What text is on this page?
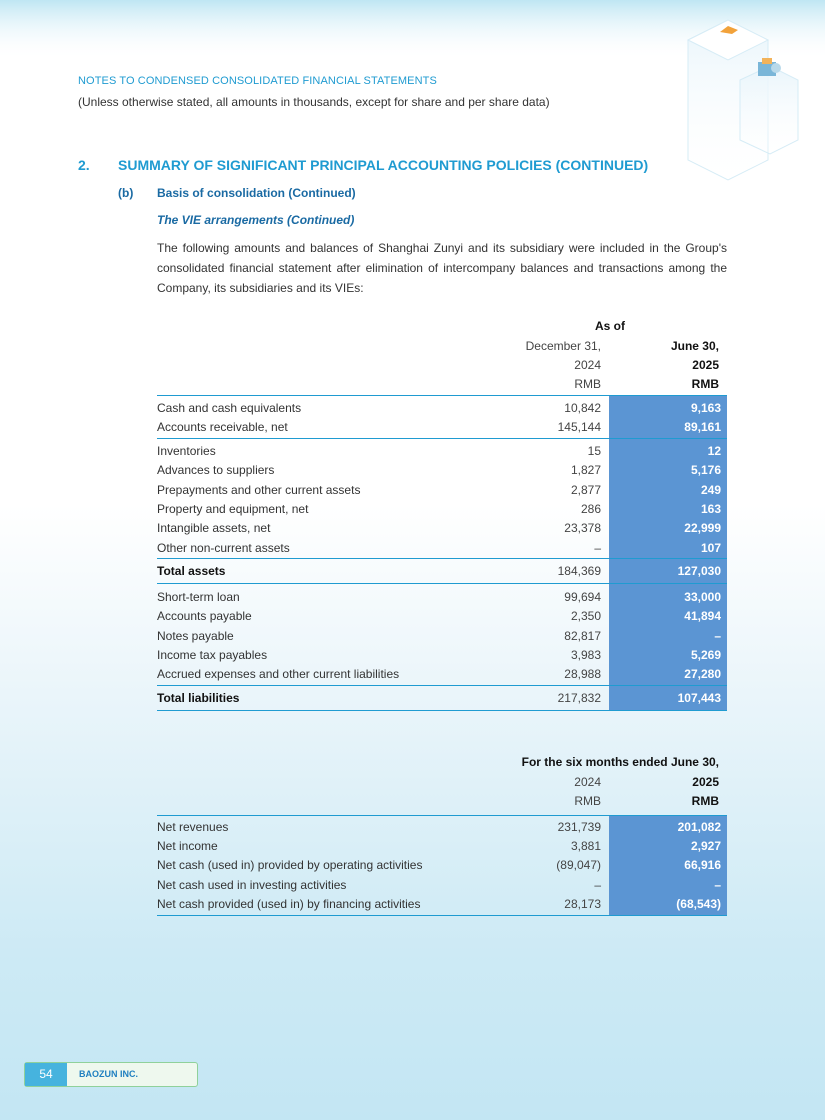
NOTES TO CONDENSED CONSOLIDATED FINANCIAL STATEMENTS
(Unless otherwise stated, all amounts in thousands, except for share and per share data)
2. SUMMARY OF SIGNIFICANT PRINCIPAL ACCOUNTING POLICIES (CONTINUED)
(b) Basis of consolidation (Continued)
The VIE arrangements (Continued)
The following amounts and balances of Shanghai Zunyi and its subsidiary were included in the Group's consolidated financial statement after elimination of intercompany balances and transactions among the Company, its subsidiaries and its VIEs:
As of
December 31,
2024
RMB
June 30,
2025
RMB
Cash and cash equivalents	10,842	9,163
Accounts receivable, net	145,144	89,161
Inventories	15	12
Advances to suppliers	1,827	5,176
Prepayments and other current assets	2,877	249
Property and equipment, net	286	163
Intangible assets, net	23,378	22,999
Other non-current assets	–	107
Total assets	184,369	127,030
Short-term loan	99,694	33,000
Accounts payable	2,350	41,894
Notes payable	82,817	–
Income tax payables	3,983	5,269
Accrued expenses and other current liabilities	28,988	27,280
Total liabilities	217,832	107,443
For the six months ended June 30,
2024
RMB
2025
RMB
Net revenues	231,739	201,082
Net income	3,881	2,927
Net cash (used in) provided by operating activities	(89,047)	66,916
Net cash used in investing activities	–	–
Net cash provided (used in) by financing activities	28,173	(68,543)
54	BAOZUN INC.
